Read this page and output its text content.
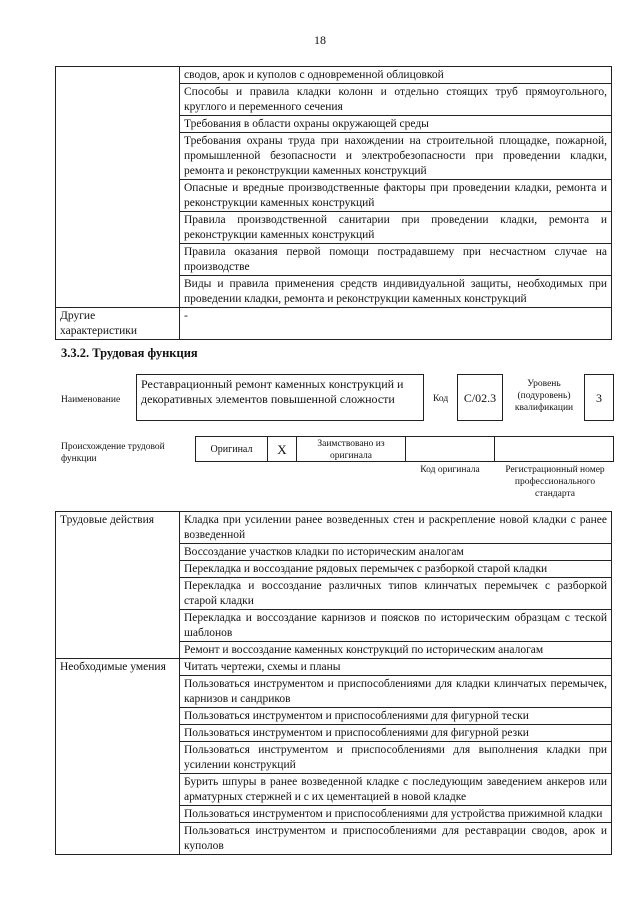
18
	сводов, арок и куполов с одновременной облицовкой
	Способы и правила кладки колонн и отдельно стоящих труб прямоугольного, круглого и переменного сечения
	Требования в области охраны окружающей среды
	Требования охраны труда при нахождении на строительной площадке, пожарной, промышленной безопасности и электробезопасности при проведении кладки, ремонта и реконструкции каменных конструкций
	Опасные и вредные производственные факторы при проведении кладки, ремонта и реконструкции каменных конструкций
	Правила производственной санитарии при проведении кладки, ремонта и реконструкции каменных конструкций
	Правила оказания первой помощи пострадавшему при несчастном случае на производстве
	Виды и правила применения средств индивидуальной защиты, необходимых при проведении кладки, ремонта и реконструкции каменных конструкций
Другие характеристики	-
3.3.2. Трудовая функция
Наименование
Реставрационный ремонт каменных конструкций и декоративных элементов повышенной сложности	Код	C/02.3
Уровень (подуровень) квалификации
3
Происхождение трудовой функции
Оригинал	X	Заимствовано из оригинала
Код оригинала	Регистрационный номер профессионального стандарта
Трудовые действия	Кладка при усилении ранее возведенных стен и раскрепление новой кладки с ранее возведенной
	Воссоздание участков кладки по историческим аналогам
	Перекладка и воссоздание рядовых перемычек с разборкой старой кладки
	Перекладка и воссоздание различных типов клинчатых перемычек с разборкой старой кладки
	Перекладка и воссоздание карнизов и поясков по историческим образцам с теской шаблонов
	Ремонт и воссоздание каменных конструкций по историческим аналогам
Необходимые умения	Читать чертежи, схемы и планы
	Пользоваться инструментом и приспособлениями для кладки клинчатых перемычек, карнизов и сандриков
	Пользоваться инструментом и приспособлениями для фигурной тески
	Пользоваться инструментом и приспособлениями для фигурной резки
	Пользоваться инструментом и приспособлениями для выполнения кладки при усилении конструкций
	Бурить шпуры в ранее возведенной кладке с последующим заведением анкеров или арматурных стержней и с их цементацией в новой кладке
	Пользоваться инструментом и приспособлениями для устройства прижимной кладки
	Пользоваться инструментом и приспособлениями для реставрации сводов, арок и куполов
